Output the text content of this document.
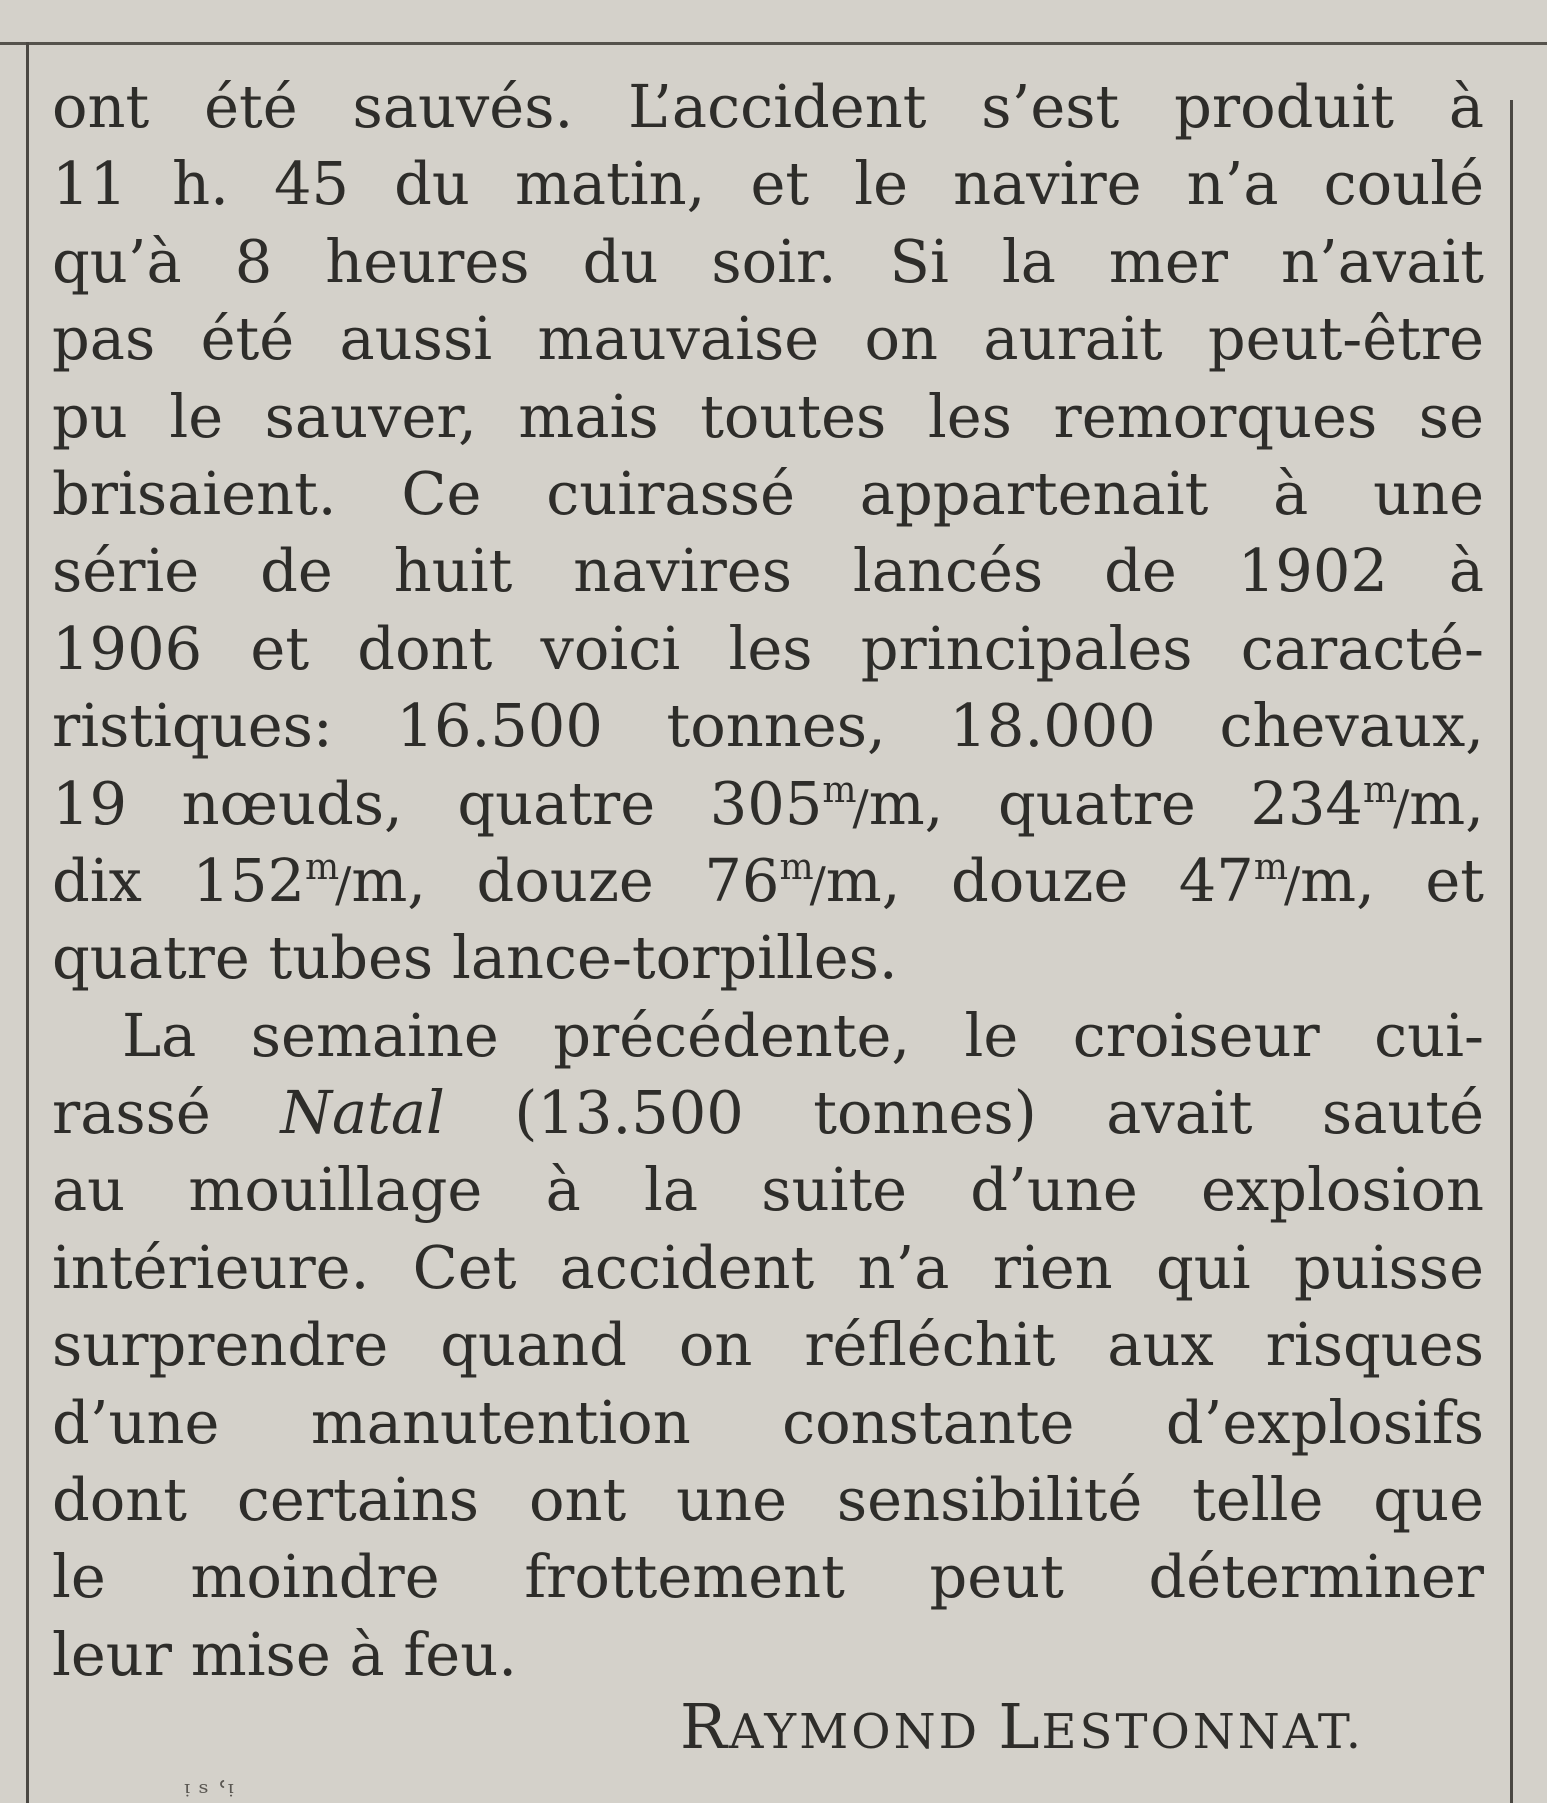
ont été sauvés. L’accident s’est produit à
11 h. 45 du matin, et le navire n’a coulé
qu’à 8 heures du soir. Si la mer n’avait
pas été aussi mauvaise on aurait peut-être
pu le sauver, mais toutes les remorques se
brisaient. Ce cuirassé appartenait à une
série de huit navires lancés de 1902 à
1906 et dont voici les principales caracté-
ristiques: 16.500 tonnes, 18.000 chevaux,
19 nœuds, quatre 305$^m$/m, quatre 234$^m$/m,
dix 152$^m$/m, douze 76$^m$/m, douze 47$^m$/m, et
quatre tubes lance-torpilles.
La semaine précédente, le croiseur cui-
rassé Natal (13.500 tonnes) avait sauté
au mouillage à la suite d’une explosion
intérieure. Cet accident n’a rien qui puisse
surprendre quand on réfléchit aux risques
d’une manutention constante d’explosifs
dont certains ont une sensibilité telle que
le moindre frottement peut déterminer
leur mise à feu.
RAYMOND LESTONNAT.
ᵎ ˢ ʿᵎ
